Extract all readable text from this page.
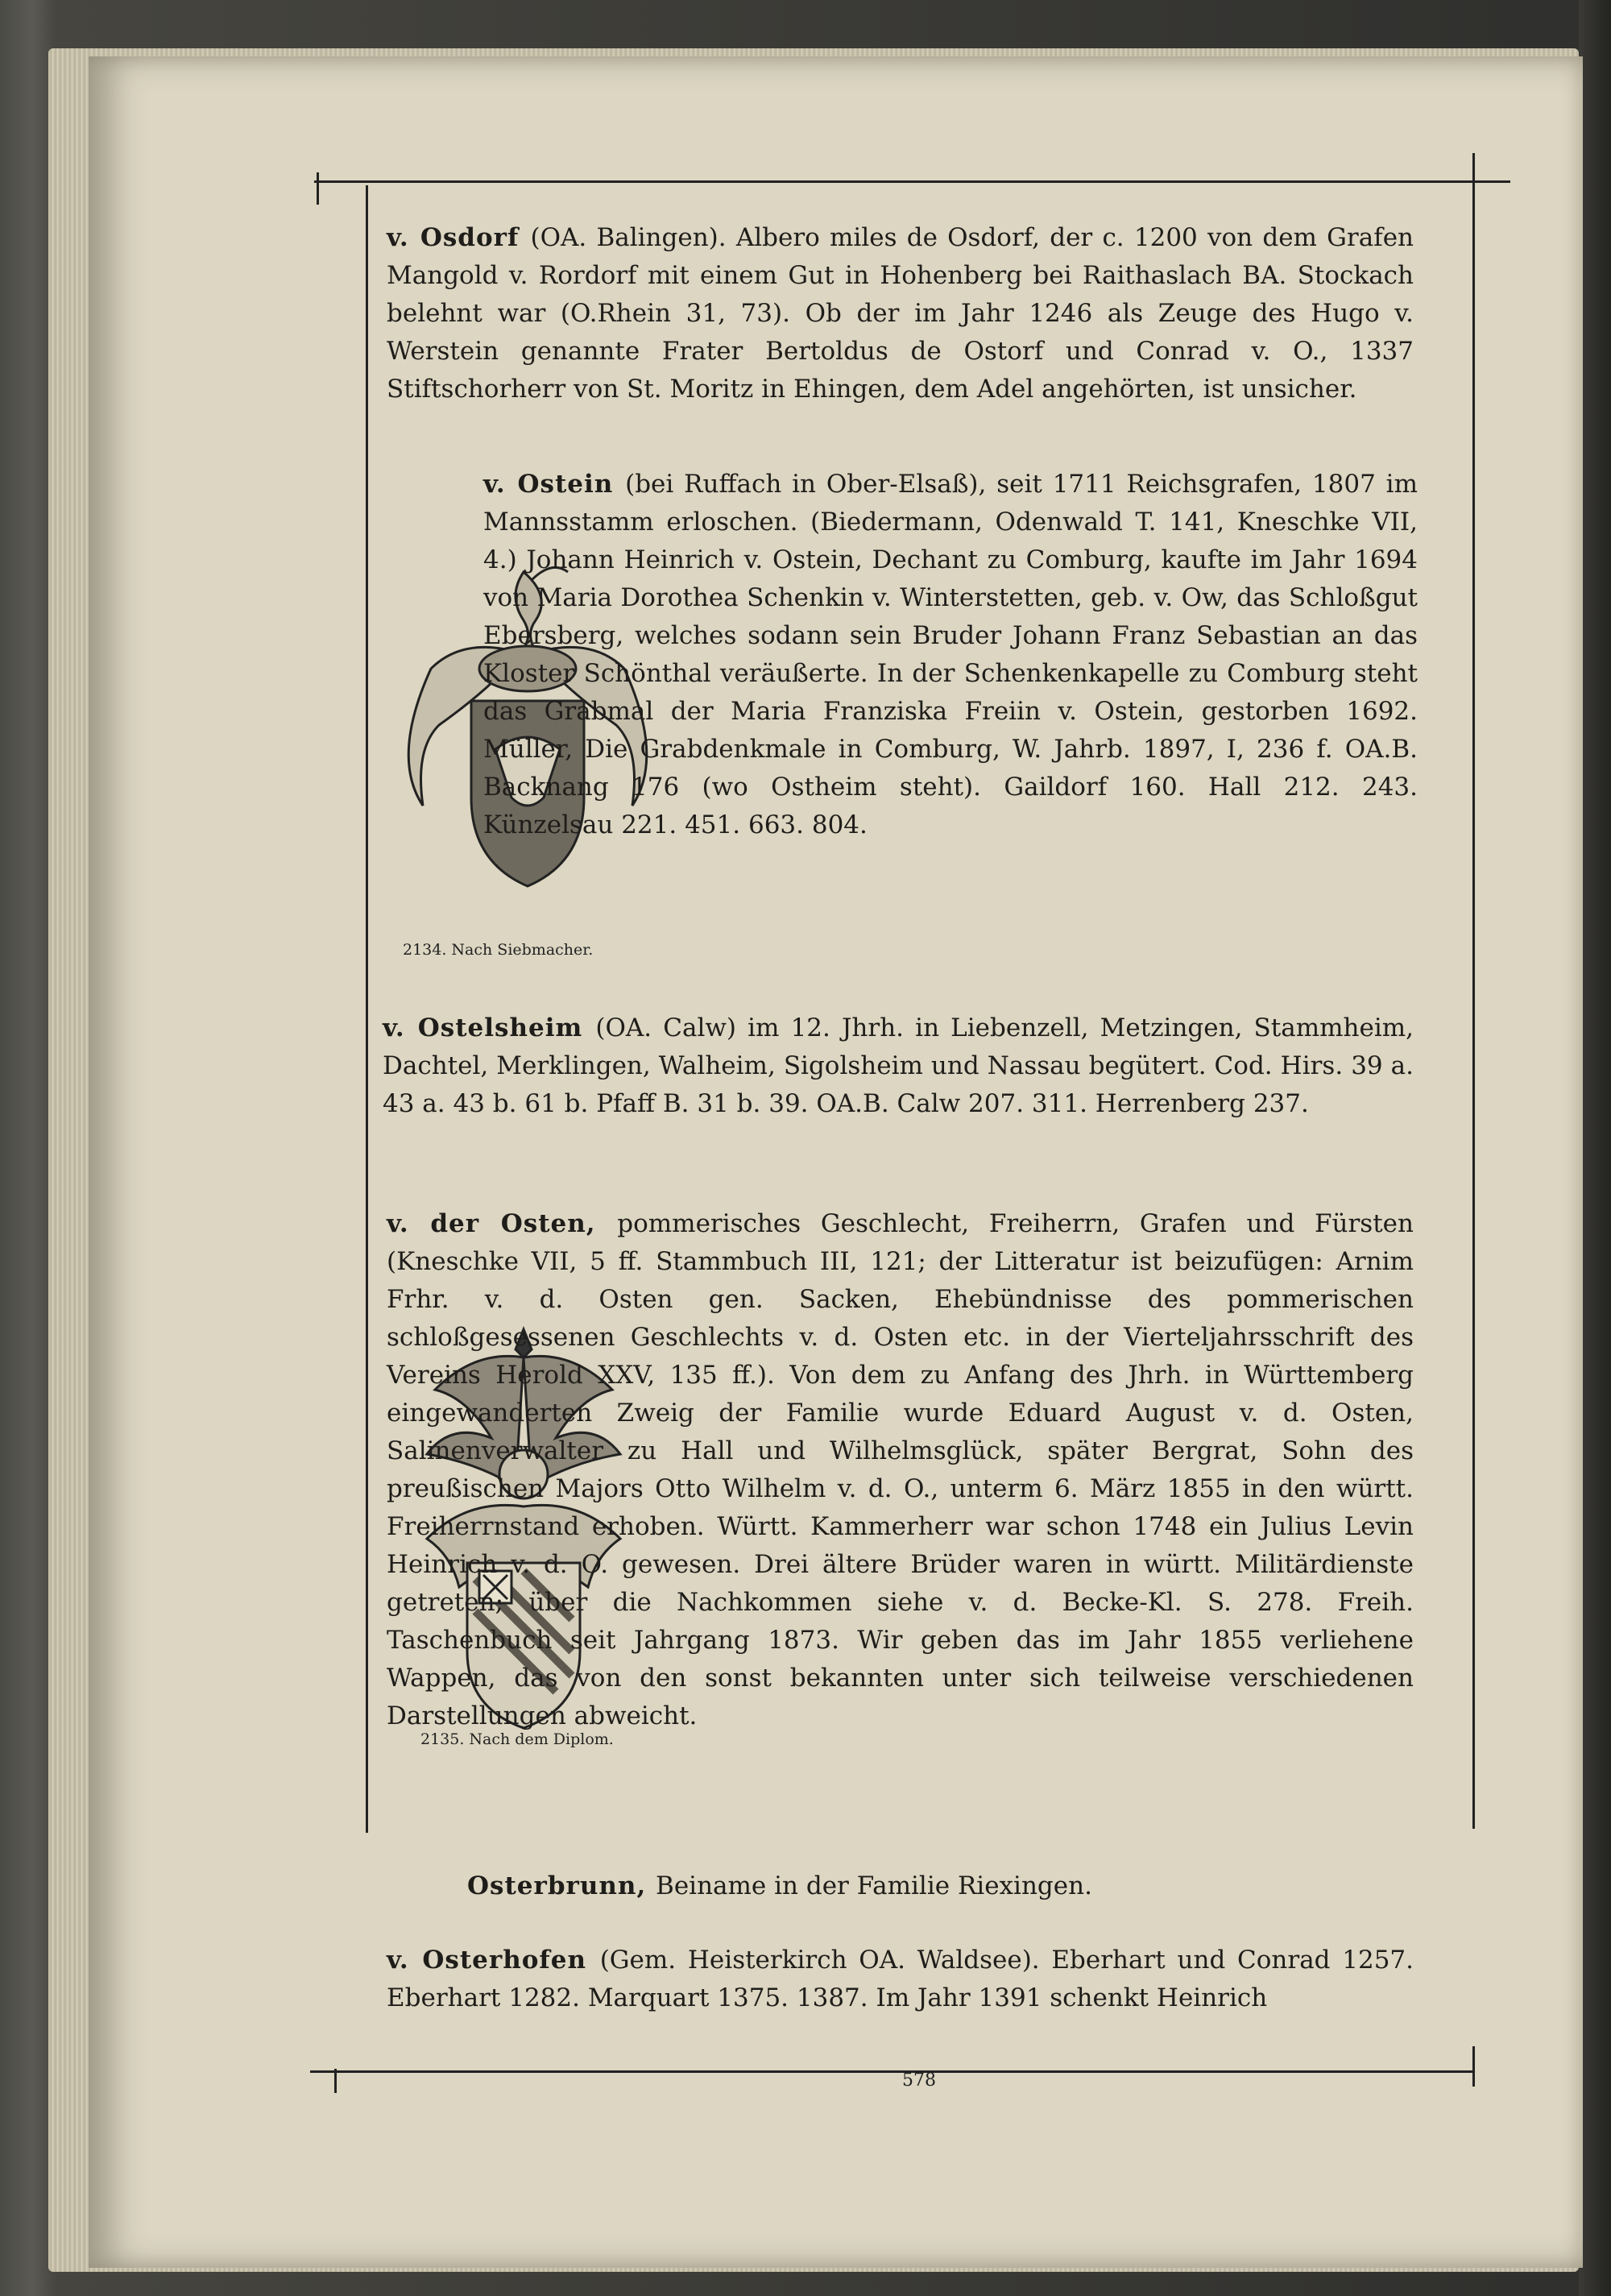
v. Osdorf (OA. Balingen). Albero miles de Osdorf, der c. 1200 von dem Grafen Mangold v. Rordorf mit einem Gut in Hohenberg bei Raithaslach BA. Stockach belehnt war (O.Rhein 31, 73). Ob der im Jahr 1246 als Zeuge des Hugo v. Werstein genannte Frater Bertoldus de Ostorf und Conrad v. O., 1337 Stiftschorherr von St. Moritz in Ehingen, dem Adel angehörten, ist unsicher.
2134. Nach Siebmacher.
v. Ostein (bei Ruffach in Ober-Elsaß), seit 1711 Reichsgrafen, 1807 im Mannsstamm erloschen. (Biedermann, Odenwald T. 141, Kneschke VII, 4.) Johann Heinrich v. Ostein, Dechant zu Comburg, kaufte im Jahr 1694 von Maria Dorothea Schenkin v. Winterstetten, geb. v. Ow, das Schloßgut Ebersberg, welches sodann sein Bruder Johann Franz Sebastian an das Kloster Schönthal veräußerte. In der Schenkenkapelle zu Comburg steht das Grabmal der Maria Franziska Freiin v. Ostein, gestorben 1692. Müller, Die Grabdenkmale in Comburg, W. Jahrb. 1897, I, 236 f. OA.B. Backnang 176 (wo Ostheim steht). Gaildorf 160. Hall 212. 243. Künzelsau 221. 451. 663. 804.
v. Ostelsheim (OA. Calw) im 12. Jhrh. in Liebenzell, Metzingen, Stammheim, Dachtel, Merklingen, Walheim, Sigolsheim und Nassau begütert. Cod. Hirs. 39 a. 43 a. 43 b. 61 b. Pfaff B. 31 b. 39. OA.B. Calw 207. 311. Herrenberg 237.
2135. Nach dem Diplom.
v. der Osten, pommerisches Geschlecht, Freiherrn, Grafen und Fürsten (Kneschke VII, 5 ff. Stammbuch III, 121; der Litteratur ist beizufügen: Arnim Frhr. v. d. Osten gen. Sacken, Ehebündnisse des pommerischen schloßgesessenen Geschlechts v. d. Osten etc. in der Vierteljahrsschrift des Vereins Herold XXV, 135 ff.). Von dem zu Anfang des Jhrh. in Württemberg eingewanderten Zweig der Familie wurde Eduard August v. d. Osten, Salinenverwalter zu Hall und Wilhelmsglück, später Bergrat, Sohn des preußischen Majors Otto Wilhelm v. d. O., unterm 6. März 1855 in den württ. Freiherrnstand erhoben. Württ. Kammerherr war schon 1748 ein Julius Levin Heinrich v. d. O. gewesen. Drei ältere Brüder waren in württ. Militärdienste getreten; über die Nachkommen siehe v. d. Becke-Kl. S. 278. Freih. Taschenbuch seit Jahrgang 1873. Wir geben das im Jahr 1855 verliehene Wappen, das von den sonst bekannten unter sich teilweise verschiedenen Darstellungen abweicht.
Osterbrunn, Beiname in der Familie Riexingen.
v. Osterhofen (Gem. Heisterkirch OA. Waldsee). Eberhart und Conrad 1257. Eberhart 1282. Marquart 1375. 1387. Im Jahr 1391 schenkt Heinrich
578
